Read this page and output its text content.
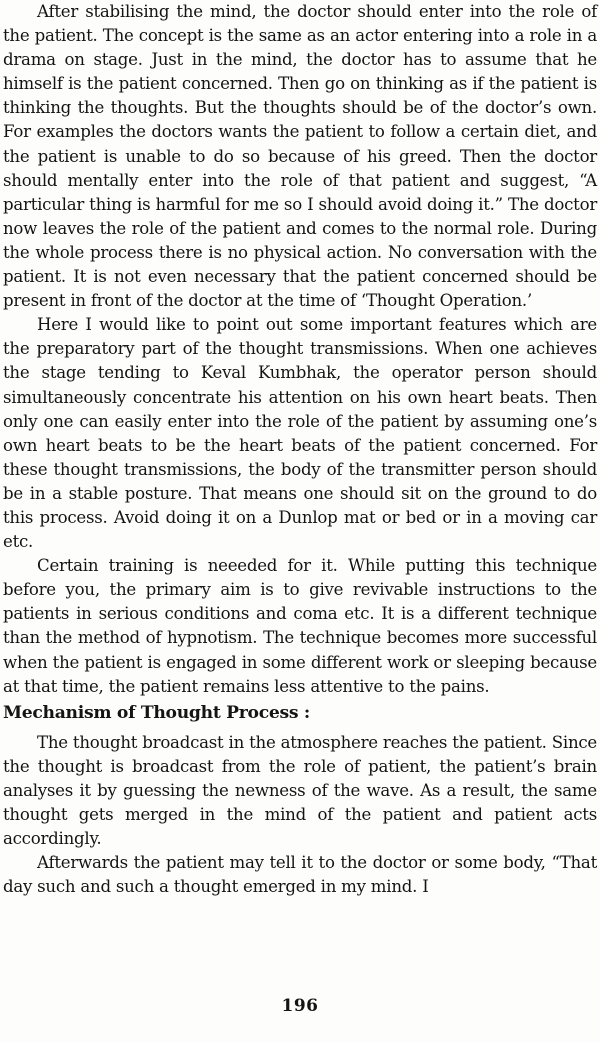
After stabilising the mind, the doctor should enter into the role of the patient. The concept is the same as an actor entering into a role in a drama on stage. Just in the mind, the doctor has to assume that he himself is the patient concerned. Then go on thinking as if the patient is thinking the thoughts. But the thoughts should be of the doctor’s own. For examples the doctors wants the patient to follow a certain diet, and the patient is unable to do so because of his greed. Then the doctor should mentally enter into the role of that patient and suggest, “A particular thing is harmful for me so I should avoid doing it.” The doctor now leaves the role of the patient and comes to the normal role. During the whole process there is no physical action. No conversation with the patient. It is not even necessary that the patient concerned should be present in front of the doctor at the time of ‘Thought Operation.’

Here I would like to point out some important features which are the preparatory part of the thought transmissions. When one achieves the stage tending to Keval Kumbhak, the operator person should simultaneously concentrate his attention on his own heart beats. Then only one can easily enter into the role of the patient by assuming one’s own heart beats to be the heart beats of the patient concerned. For these thought transmissions, the body of the transmitter person should be in a stable posture. That means one should sit on the ground to do this process. Avoid doing it on a Dunlop mat or bed or in a moving car etc.

Certain training is neeeded for it. While putting this technique before you, the primary aim is to give revivable instructions to the patients in serious conditions and coma etc. It is a different technique than the method of hypnotism. The technique becomes more successful when the patient is engaged in some different work or sleeping because at that time, the patient remains less attentive to the pains.

Mechanism of Thought Process :

The thought broadcast in the atmosphere reaches the patient. Since the thought is broadcast from the role of patient, the patient’s brain analyses it by guessing the newness of the wave. As a result, the same thought gets merged in the mind of the patient and patient acts accordingly.

Afterwards the patient may tell it to the doctor or some body, “That day such and such a thought emerged in my mind. I

196
